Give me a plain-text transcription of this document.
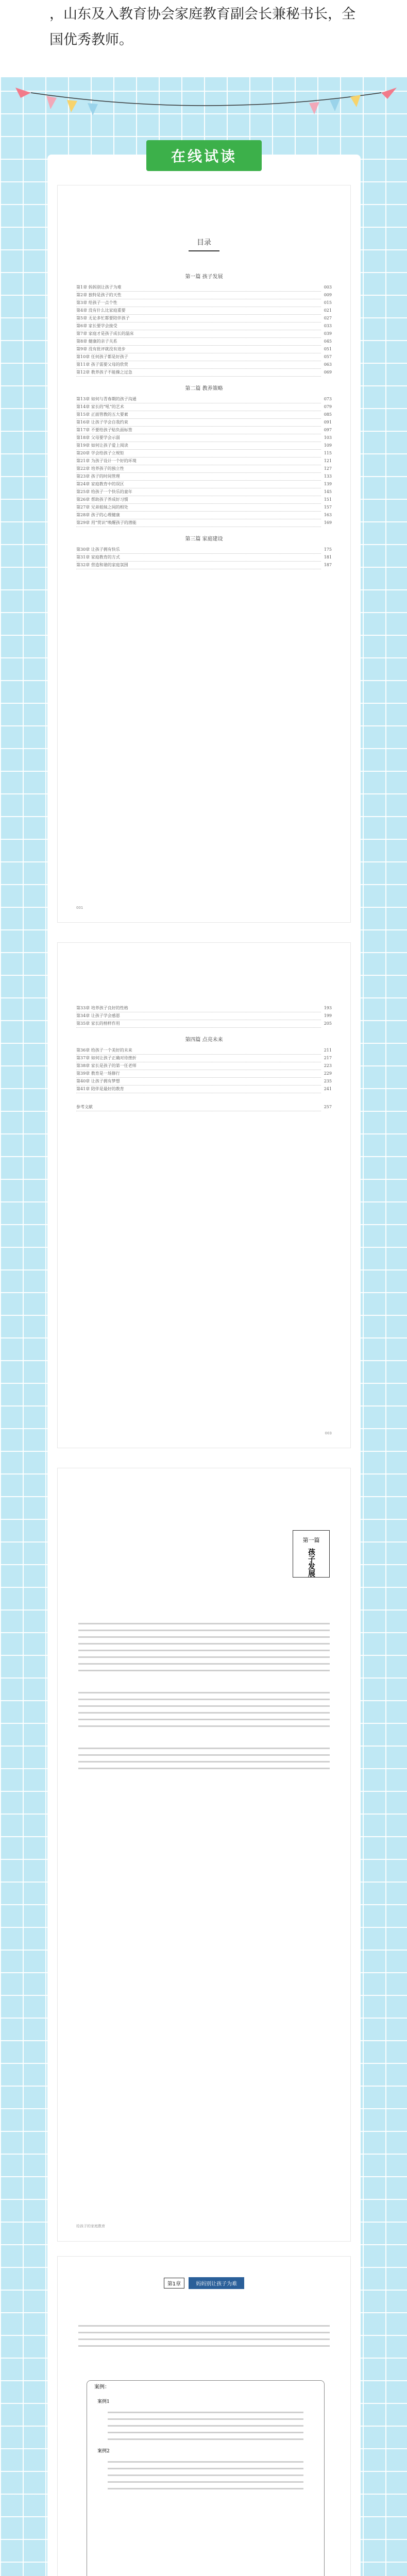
，山东及入教育协会家庭教育副会长兼秘书长，全

国优秀教师。

在线试读
目录
第一篇 孩子发展
第1章 妈妈别让孩子为难	003
第2章 独特是孩子的天性	009
第3章 给孩子一点个性	015
第4章 没有什么比家庭重要	021
第5章 无论多忙都要陪伴孩子	027
第6章 家长要学会接受	033
第7章 家庭才是孩子成长的温床	039
第8章 健康的亲子关系	045
第9章 没有批评就没有进步	051
第10章 任何孩子都是好孩子	057
第11章 孩子需要父母的欣赏	063
第12章 教养孩子不能操之过急	069
第二篇 教养策略
第13章 如何与青春期的孩子沟通	073
第14章 家长的“吼”的艺术	079
第15章 正面管教的五大要素	085
第16章 让孩子学会自我约束	091
第17章 不要给孩子贴负面标签	097
第18章 父母要学会示弱	103
第19章 如何让孩子爱上阅读	109
第20章 学会给孩子立规矩	115
第21章 为孩子设计一个好的环境	121
第22章 培养孩子的独立性	127
第23章 孩子的时间管理	133
第24章 家庭教育中的误区	139
第25章 给孩子一个快乐的童年	145
第26章 帮助孩子养成好习惯	151
第27章 兄弟姐妹之间的相处	157
第28章 孩子的心理健康	163
第29章 用“赏识”唤醒孩子的潜能	169
第三篇 家庭建设
第30章 让孩子拥有快乐	175
第31章 家庭教育的方式	181
第32章 营造和谐的家庭氛围	187
001
第33章 培养孩子良好的性格	193
第34章 让孩子学会感恩	199
第35章 家长的榜样作用	205
第四篇 点亮未来
第36章 给孩子一个美好的未来	211
第37章 如何让孩子正确对待挫折	217
第38章 家长是孩子的第一任老师	223
第39章 教育是一场修行	229
第40章 让孩子拥有梦想	235
第41章 陪伴是最好的教育	241
参考文献	257
003
第一篇
孩子发展
给孩子的家庭教育
第1章	妈妈别让孩子为难
案例：
案例1
案例2
